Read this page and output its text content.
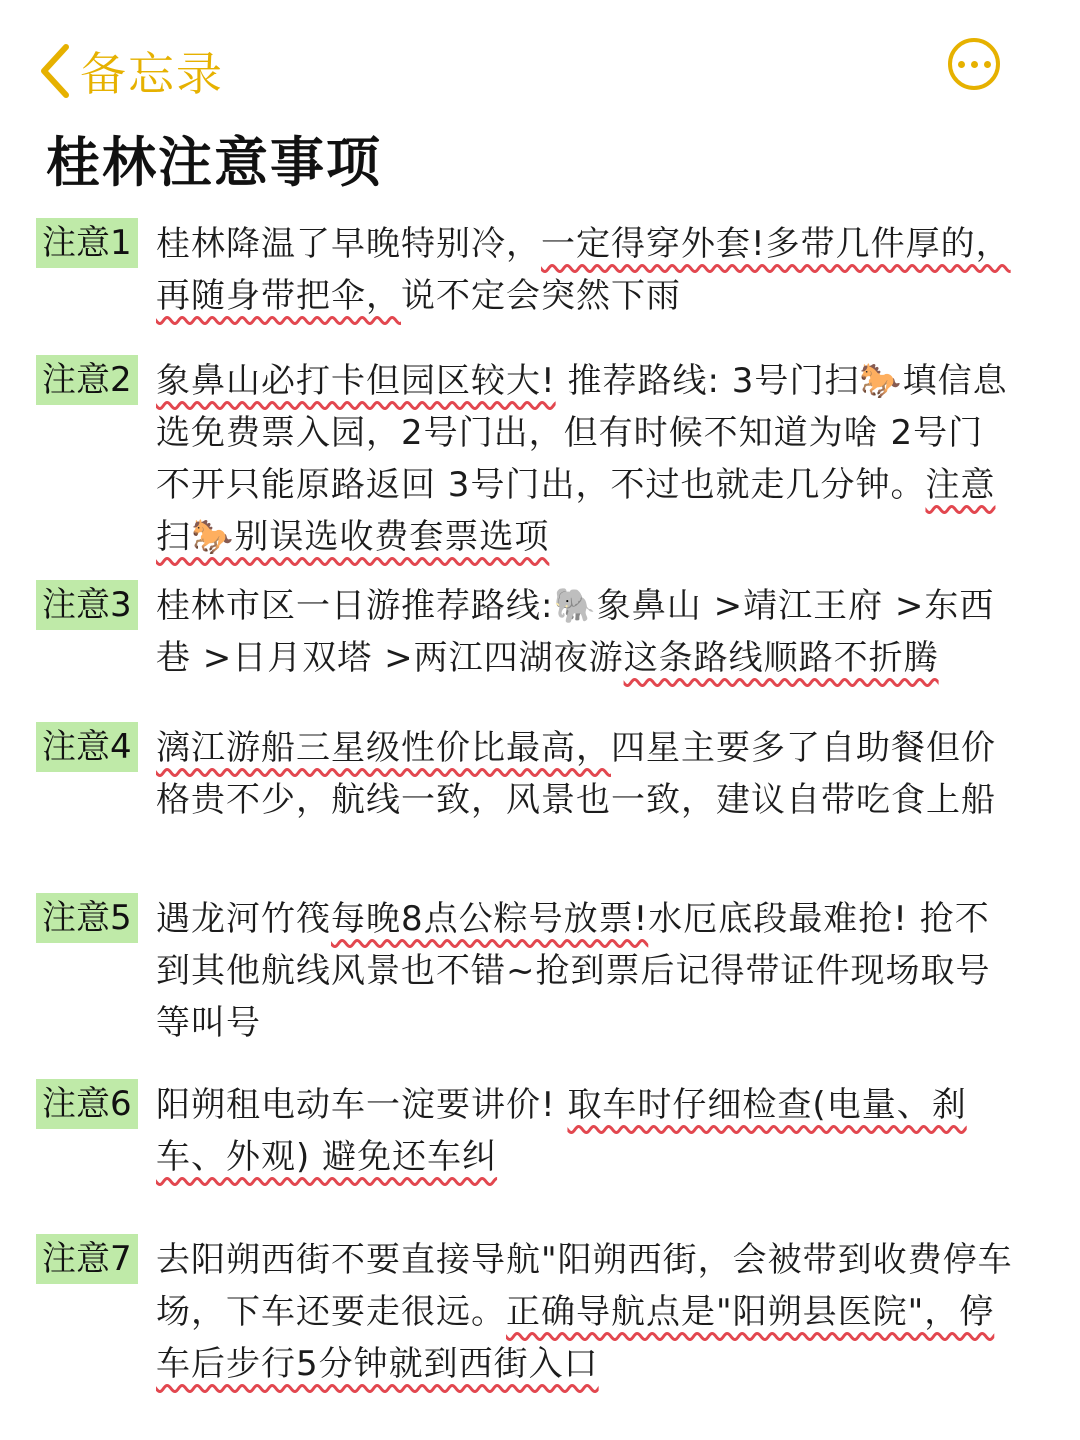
备忘录
桂林注意事项
注意1 桂林降温了早晚特别冷，一定得穿外套!多带几件厚的，再随身带把伞，说不定会突然下雨
注意2 象鼻山必打卡但园区较大! 推荐路线: 3号门扫🐎填信息选免费票入园，2号门出，但有时候不知道为啥 2号门不开只能原路返回 3号门出，不过也就走几分钟。注意扫🐎别误选收费套票选项
注意3 桂林市区一日游推荐路线:🐘象鼻山 >靖江王府 >东西巷 >日月双塔 >两江四湖夜游这条路线顺路不折腾
注意4 漓江游船三星级性价比最高，四星主要多了自助餐但价格贵不少，航线一致，风景也一致，建议自带吃食上船
注意5 遇龙河竹筏每晚8点公粽号放票!水厄底段最难抢! 抢不到其他航线风景也不错~抢到票后记得带证件现场取号等叫号
注意6 阳朔租电动车一淀要讲价! 取车时仔细检查(电量、刹车、外观) 避免还车纠
注意7 去阳朔西街不要直接导航"阳朔西街，会被带到收费停车场，下车还要走很远。正确导航点是"阳朔县医院"，停车后步行5分钟就到西街入口
